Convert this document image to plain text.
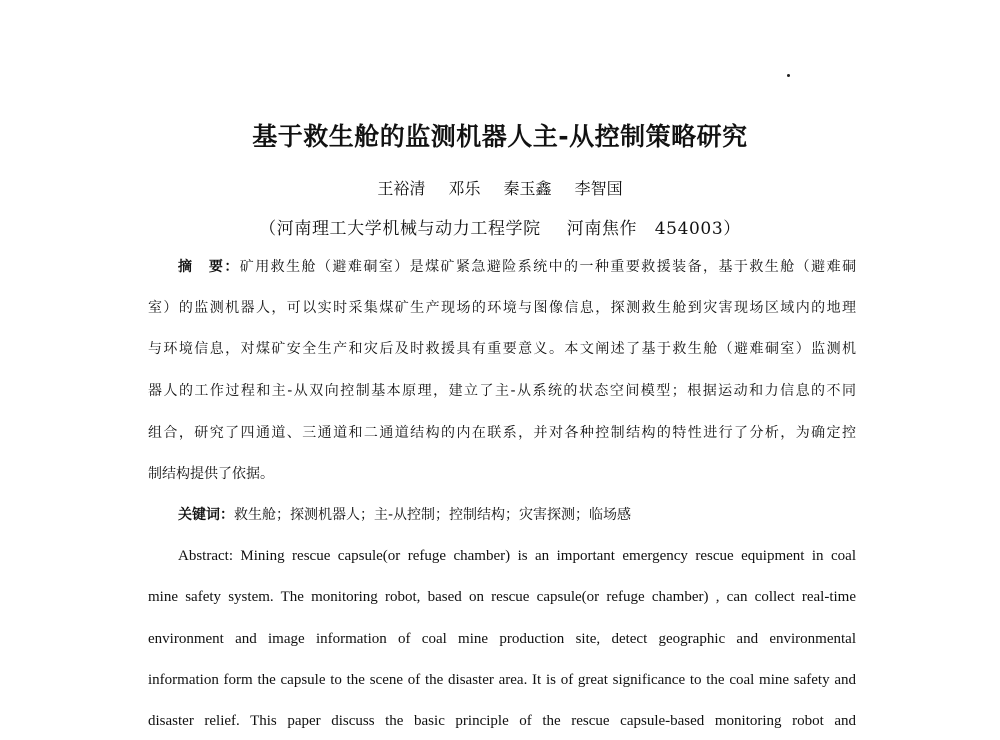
基于救生舱的监测机器人主-从控制策略研究
王裕清 邓乐 秦玉鑫 李智国
（河南理工大学机械与动力工程学院 河南焦作　454003）
摘　要：矿用救生舱（避难硐室）是煤矿紧急避险系统中的一种重要救援装备，基于救生舱（避难硐
室）的监测机器人，可以实时采集煤矿生产现场的环境与图像信息，探测救生舱到灾害现场区域内的地理
与环境信息，对煤矿安全生产和灾后及时救援具有重要意义。本文阐述了基于救生舱（避难硐室）监测机
器人的工作过程和主-从双向控制基本原理，建立了主-从系统的状态空间模型；根据运动和力信息的不同
组合，研究了四通道、三通道和二通道结构的内在联系，并对各种控制结构的特性进行了分析，为确定控
制结构提供了依据。
关键词：救生舱；探测机器人；主-从控制；控制结构；灾害探测；临场感
Abstract: Mining rescue capsule(or refuge chamber) is an important emergency rescue equipment in coal
mine safety system. The monitoring robot, based on rescue capsule(or refuge chamber) , can collect real-time
environment and image information of coal mine production site, detect geographic and environmental
information form the capsule to the scene of the disaster area. It is of great significance to the coal mine safety and
disaster relief. This paper discuss the basic principle of the rescue capsule-based monitoring robot and
